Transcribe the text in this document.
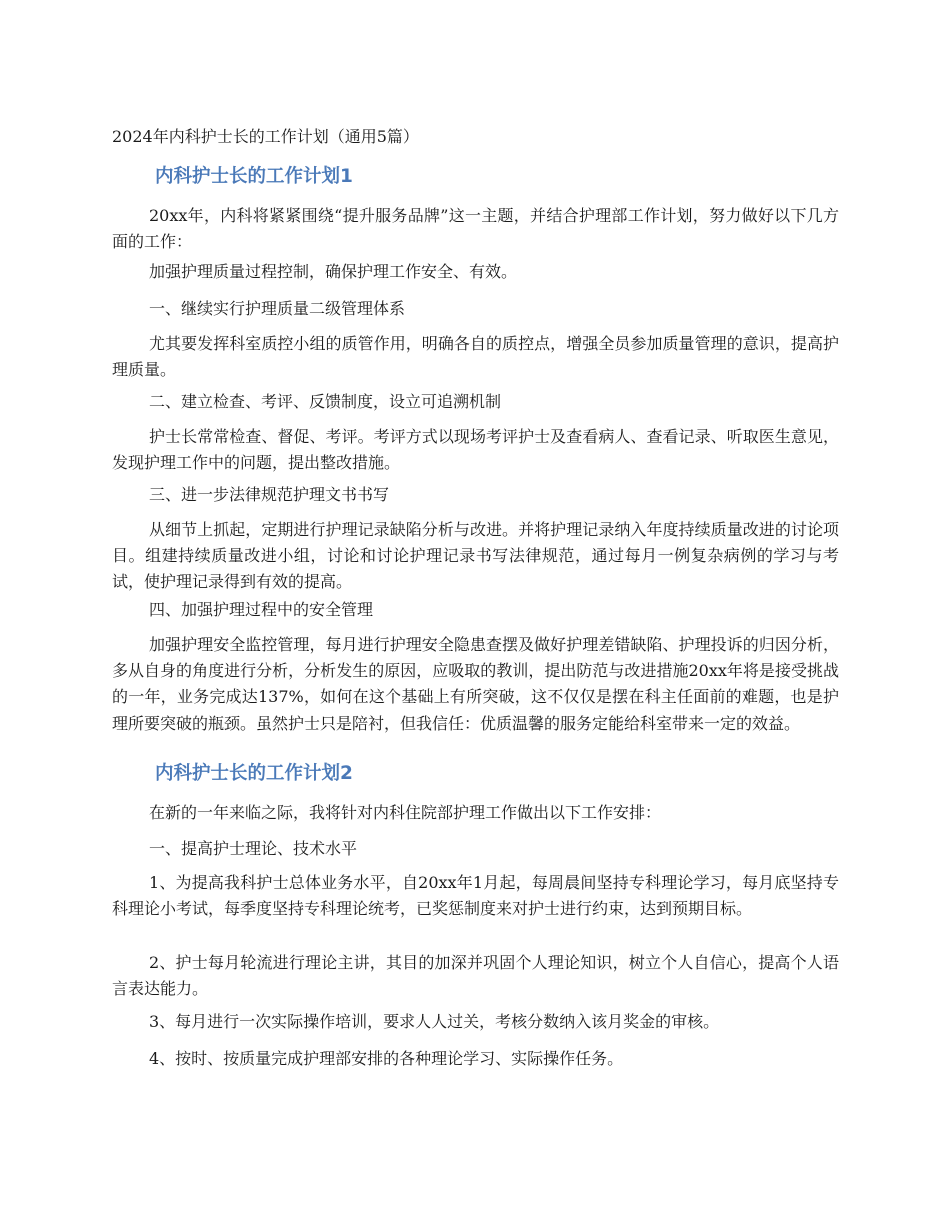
2024年内科护士长的工作计划（通用5篇）
内科护士长的工作计划1
20xx年，内科将紧紧围绕“提升服务品牌”这一主题，并结合护理部工作计划，努力做好以下几方面的工作：
加强护理质量过程控制，确保护理工作安全、有效。
一、继续实行护理质量二级管理体系
尤其要发挥科室质控小组的质管作用，明确各自的质控点，增强全员参加质量管理的意识，提高护理质量。
二、建立检查、考评、反馈制度，设立可追溯机制
护士长常常检查、督促、考评。考评方式以现场考评护士及查看病人、查看记录、听取医生意见，发现护理工作中的问题，提出整改措施。
三、进一步法律规范护理文书书写
从细节上抓起，定期进行护理记录缺陷分析与改进。并将护理记录纳入年度持续质量改进的讨论项目。组建持续质量改进小组，讨论和讨论护理记录书写法律规范，通过每月一例复杂病例的学习与考试，使护理记录得到有效的提高。
四、加强护理过程中的安全管理
加强护理安全监控管理，每月进行护理安全隐患查摆及做好护理差错缺陷、护理投诉的归因分析，多从自身的角度进行分析，分析发生的原因，应吸取的教训，提出防范与改进措施20xx年将是接受挑战的一年，业务完成达137%，如何在这个基础上有所突破，这不仅仅是摆在科主任面前的难题，也是护理所要突破的瓶颈。虽然护士只是陪衬，但我信任：优质温馨的服务定能给科室带来一定的效益。
内科护士长的工作计划2
在新的一年来临之际，我将针对内科住院部护理工作做出以下工作安排：
一、提高护士理论、技术水平
1、为提高我科护士总体业务水平，自20xx年1月起，每周晨间坚持专科理论学习，每月底坚持专科理论小考试，每季度坚持专科理论统考，已奖惩制度来对护士进行约束，达到预期目标。
2、护士每月轮流进行理论主讲，其目的加深并巩固个人理论知识，树立个人自信心，提高个人语言表达能力。
3、每月进行一次实际操作培训，要求人人过关，考核分数纳入该月奖金的审核。
4、按时、按质量完成护理部安排的各种理论学习、实际操作任务。
